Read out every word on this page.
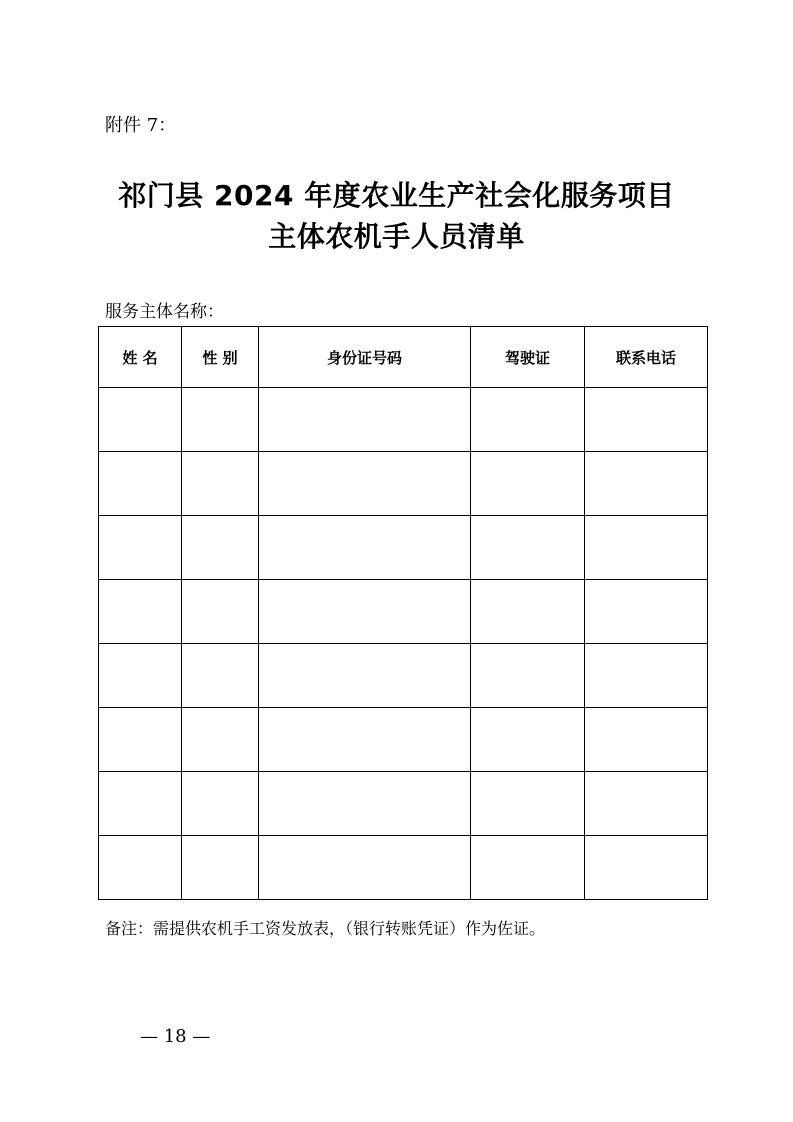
附件 7：
祁门县 2024 年度农业生产社会化服务项目
主体农机手人员清单
服务主体名称：
姓 名	性 别	身份证号码	驾驶证	联系电话

备注：需提供农机手工资发放表，（银行转账凭证）作为佐证。
— 18 —
